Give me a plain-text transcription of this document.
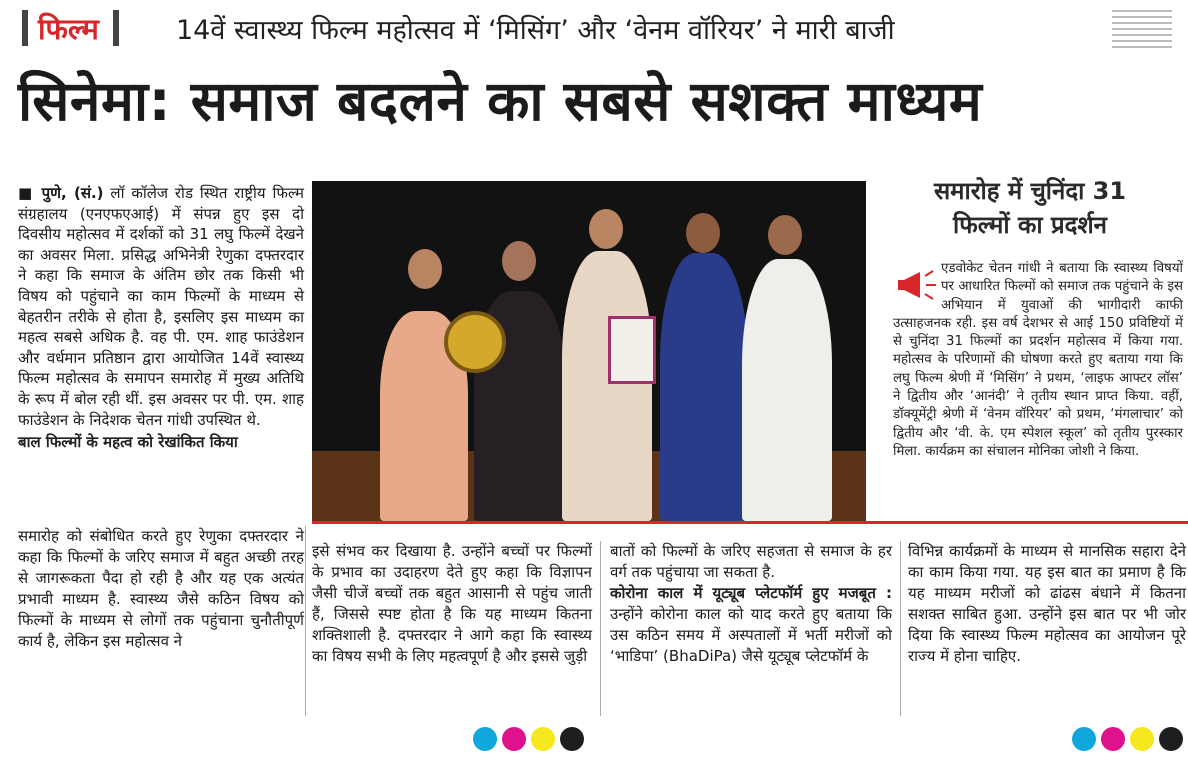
फिल्म	14वें स्वास्थ्य फिल्म महोत्सव में ‘मिसिंग’ और ‘वेनम वॉरियर’ ने मारी बाजी
सिनेमा: समाज बदलने का सबसे सशक्त माध्यम

■ पुणे, (सं.) लॉ कॉलेज रोड स्थित राष्ट्रीय फिल्म संग्रहालय (एनएफएआई) में संपन्न हुए इस दो दिवसीय महोत्सव में दर्शकों को 31 लघु फिल्में देखने का अवसर मिला. प्रसिद्ध अभिनेत्री रेणुका दफ्तरदार ने कहा कि समाज के अंतिम छोर तक किसी भी विषय को पहुंचाने का काम फिल्मों के माध्यम से बेहतरीन तरीके से होता है, इसलिए इस माध्यम का महत्व सबसे अधिक है. वह पी. एम. शाह फाउंडेशन और वर्धमान प्रतिष्ठान द्वारा आयोजित 14वें स्वास्थ्य फिल्म महोत्सव के समापन समारोह में मुख्य अतिथि के रूप में बोल रही थीं. इस अवसर पर पी. एम. शाह फाउंडेशन के निदेशक चेतन गांधी उपस्थित थे.

बाल फिल्मों के महत्व को रेखांकित किया

समारोह में चुनिंदा 31
फिल्मों का प्रदर्शन
एडवोकेट चेतन गांधी ने बताया कि स्वास्थ्य विषयों पर आधारित फिल्मों को समाज तक पहुंचाने के इस अभियान में युवाओं की भागीदारी काफी उत्साहजनक रही. इस वर्ष देशभर से आई 150 प्रविष्टियों में से चुनिंदा 31 फिल्मों का प्रदर्शन महोत्सव में किया गया. महोत्सव के परिणामों की घोषणा करते हुए बताया गया कि लघु फिल्म श्रेणी में ‘मिसिंग’ ने प्रथम, ‘लाइफ आफ्टर लॉस’ ने द्वितीय और ‘आनंदी’ ने तृतीय स्थान प्राप्त किया. वहीं, डॉक्यूमेंट्री श्रेणी में ‘वेनम वॉरियर’ को प्रथम, ‘मंगलाचार’ को द्वितीय और ‘वी. के. एम स्पेशल स्कूल’ को तृतीय पुरस्कार मिला. कार्यक्रम का संचालन मोनिका जोशी ने किया.

समारोह को संबोधित करते हुए रेणुका दफ्तरदार ने कहा कि फिल्मों के जरिए समाज में बहुत अच्छी तरह से जागरूकता पैदा हो रही है और यह एक अत्यंत प्रभावी माध्यम है. स्वास्थ्य जैसे कठिन विषय को फिल्मों के माध्यम से लोगों तक पहुंचाना चुनौतीपूर्ण कार्य है, लेकिन इस महोत्सव ने

इसे संभव कर दिखाया है. उन्होंने बच्चों पर फिल्मों के प्रभाव का उदाहरण देते हुए कहा कि विज्ञापन जैसी चीजें बच्चों तक बहुत आसानी से पहुंच जाती हैं, जिससे स्पष्ट होता है कि यह माध्यम कितना शक्तिशाली है. दफ्तरदार ने आगे कहा कि स्वास्थ्य का विषय सभी के लिए महत्वपूर्ण है और इससे जुड़ी

बातों को फिल्मों के जरिए सहजता से समाज के हर वर्ग तक पहुंचाया जा सकता है.

कोरोना काल में यूट्यूब प्लेटफॉर्म हुए मजबूत : उन्होंने कोरोना काल को याद करते हुए बताया कि उस कठिन समय में अस्पतालों में भर्ती मरीजों को ‘भाडिपा’ (BhaDiPa) जैसे यूट्यूब प्लेटफॉर्म के

विभिन्न कार्यक्रमों के माध्यम से मानसिक सहारा देने का काम किया गया. यह इस बात का प्रमाण है कि यह माध्यम मरीजों को ढांढस बंधाने में कितना सशक्त साबित हुआ. उन्होंने इस बात पर भी जोर दिया कि स्वास्थ्य फिल्म महोत्सव का आयोजन पूरे राज्य में होना चाहिए.
